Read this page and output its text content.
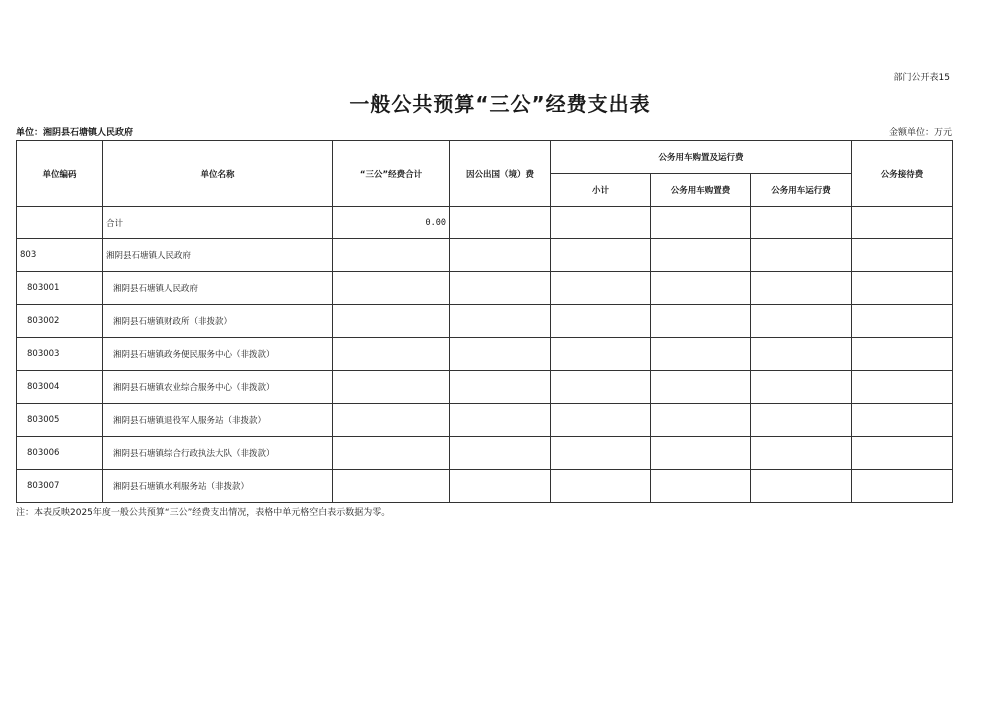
部门公开表15
一般公共预算“三公”经费支出表
单位：湘阴县石塘镇人民政府	金额单位：万元
单位编码	单位名称	“三公”经费合计	因公出国（境）费	公务用车购置及运行费			公务接待费
				小计	公务用车购置费	公务用车运行费	
	合计	0.00					
803	湘阴县石塘镇人民政府						
803001	湘阴县石塘镇人民政府						
803002	湘阴县石塘镇财政所（非拨款）						
803003	湘阴县石塘镇政务便民服务中心（非拨款）						
803004	湘阴县石塘镇农业综合服务中心（非拨款）						
803005	湘阴县石塘镇退役军人服务站（非拨款）						
803006	湘阴县石塘镇综合行政执法大队（非拨款）						
803007	湘阴县石塘镇水利服务站（非拨款）						
注：本表反映2025年度一般公共预算“三公”经费支出情况，表格中单元格空白表示数据为零。
